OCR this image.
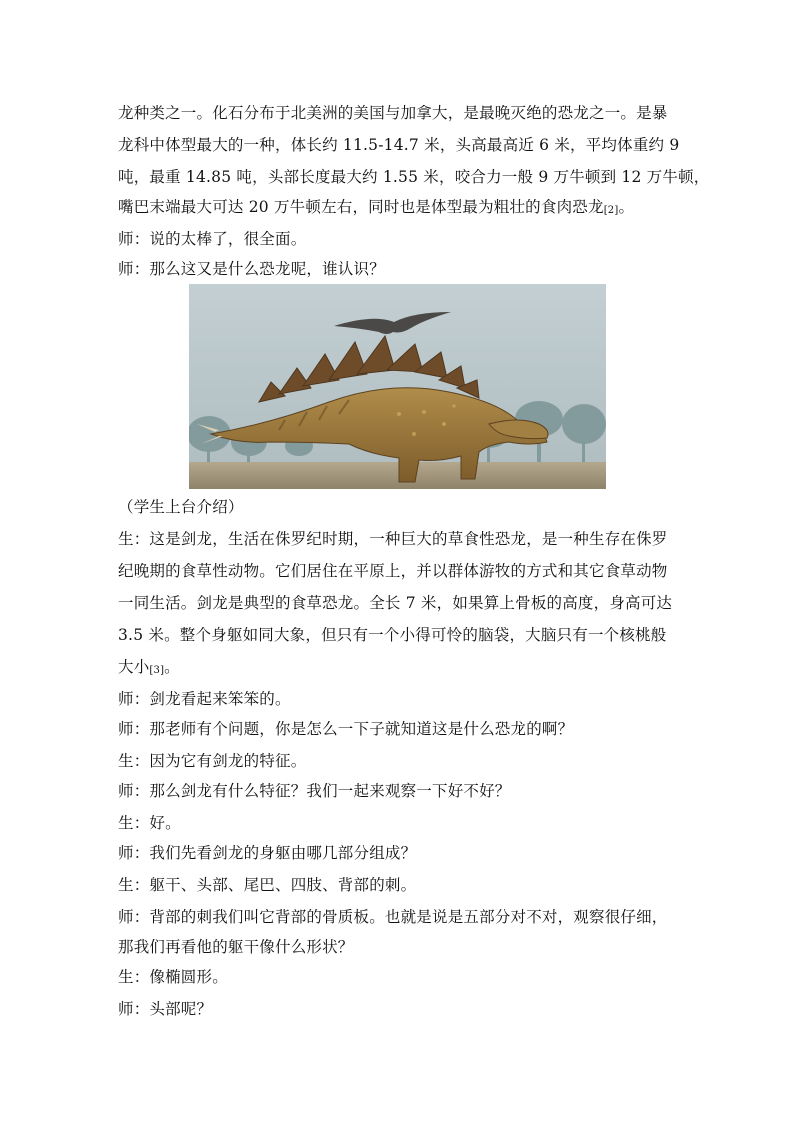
龙种类之一。化石分布于北美洲的美国与加拿大，是最晚灭绝的恐龙之一。是暴
龙科中体型最大的一种，体长约 11.5-14.7 米，头高最高近 6 米，平均体重约 9
吨，最重 14.85 吨，头部长度最大约 1.55 米，咬合力一般 9 万牛顿到 12 万牛顿，
嘴巴末端最大可达 20 万牛顿左右，同时也是体型最为粗壮的食肉恐龙[2]。
师：说的太棒了，很全面。
师：那么这又是什么恐龙呢，谁认识？
（学生上台介绍）
生：这是剑龙，生活在侏罗纪时期，一种巨大的草食性恐龙，是一种生存在侏罗
纪晚期的食草性动物。它们居住在平原上，并以群体游牧的方式和其它食草动物
一同生活。剑龙是典型的食草恐龙。全长 7 米，如果算上骨板的高度，身高可达
3.5 米。整个身躯如同大象，但只有一个小得可怜的脑袋，大脑只有一个核桃般
大小[3]。
师：剑龙看起来笨笨的。
师：那老师有个问题，你是怎么一下子就知道这是什么恐龙的啊？
生：因为它有剑龙的特征。
师：那么剑龙有什么特征？我们一起来观察一下好不好？
生：好。
师：我们先看剑龙的身躯由哪几部分组成？
生：躯干、头部、尾巴、四肢、背部的刺。
师：背部的刺我们叫它背部的骨质板。也就是说是五部分对不对，观察很仔细，
那我们再看他的躯干像什么形状？
生：像椭圆形。
师：头部呢？
